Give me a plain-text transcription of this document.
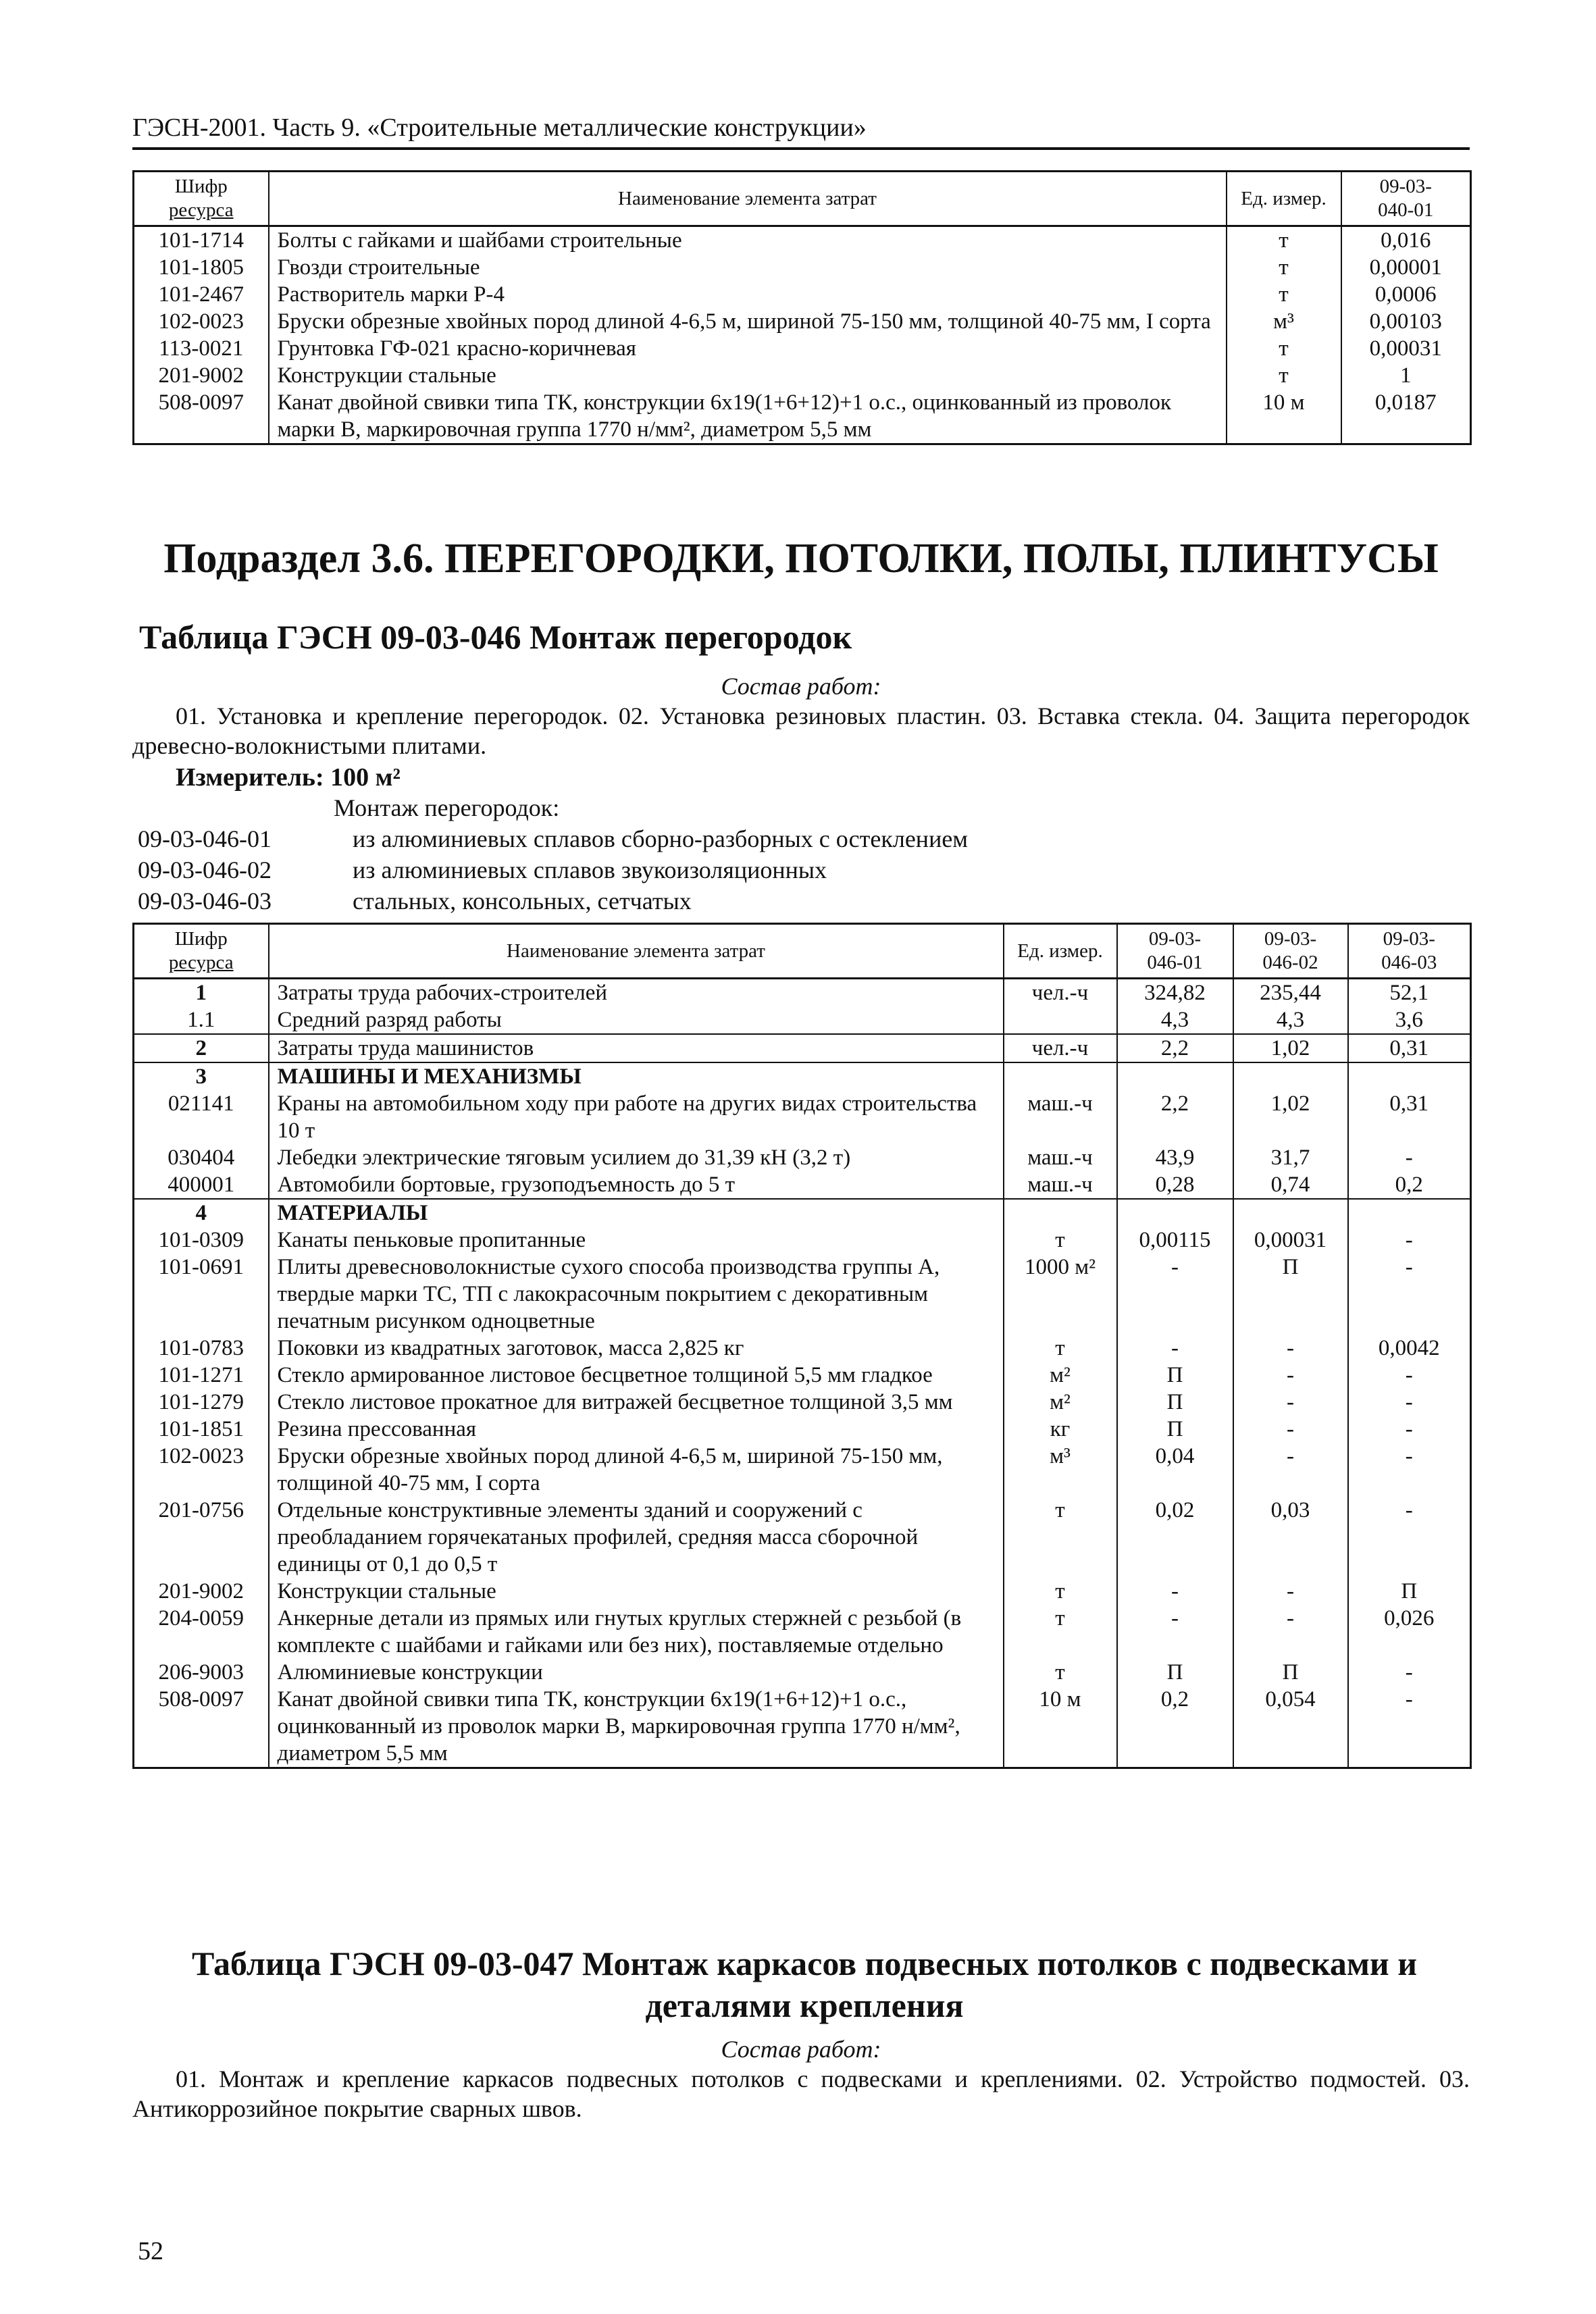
ГЭСН-2001. Часть 9. «Строительные металлические конструкции»
Шифр
ресурса	Наименование элемента затрат	Ед. измер.	09-03-
040-01
101-1714	Болты с гайками и шайбами строительные	т	0,016
101-1805	Гвозди строительные	т	0,00001
101-2467	Растворитель марки Р-4	т	0,0006
102-0023	Бруски обрезные хвойных пород длиной 4-6,5 м, шириной 75-150 мм, толщиной 40-75 мм, I сорта	м³	0,00103
113-0021	Грунтовка ГФ-021 красно-коричневая	т	0,00031
201-9002	Конструкции стальные	т	1
508-0097	Канат двойной свивки типа ТК, конструкции 6х19(1+6+12)+1 о.с., оцинкованный из проволок марки В, маркировочная группа 1770 н/мм², диаметром 5,5 мм	10 м	0,0187
Подраздел 3.6. ПЕРЕГОРОДКИ, ПОТОЛКИ, ПОЛЫ, ПЛИНТУСЫ
Таблица ГЭСН 09-03-046 Монтаж перегородок
Состав работ:
01. Установка и крепление перегородок. 02. Установка резиновых пластин. 03. Вставка стекла. 04. Защита перегородок древесно-волокнистыми плитами.
Измеритель: 100 м²
Монтаж перегородок:
09-03-046-01	из алюминиевых сплавов сборно-разборных с остеклением
09-03-046-02	из алюминиевых сплавов звукоизоляционных
09-03-046-03	стальных, консольных, сетчатых
Шифр
ресурса	Наименование элемента затрат	Ед. измер.	09-03-
046-01	09-03-
046-02	09-03-
046-03
1	Затраты труда рабочих-строителей	чел.-ч	324,82	235,44	52,1
1.1	Средний разряд работы		4,3	4,3	3,6
2	Затраты труда машинистов	чел.-ч	2,2	1,02	0,31
3	МАШИНЫ И МЕХАНИЗМЫ				
021141	Краны на автомобильном ходу при работе на других видах строительства 10 т	маш.-ч	2,2	1,02	0,31
030404	Лебедки электрические тяговым усилием до 31,39 кН (3,2 т)	маш.-ч	43,9	31,7	-
400001	Автомобили бортовые, грузоподъемность до 5 т	маш.-ч	0,28	0,74	0,2
4	МАТЕРИАЛЫ				
101-0309	Канаты пеньковые пропитанные	т	0,00115	0,00031	-
101-0691	Плиты древесноволокнистые сухого способа производства группы А, твердые марки ТС, ТП с лакокрасочным покрытием с декоративным печатным рисунком одноцветные	1000 м²	-	П	-
101-0783	Поковки из квадратных заготовок, масса 2,825 кг	т	-	-	0,0042
101-1271	Стекло армированное листовое бесцветное толщиной 5,5 мм гладкое	м²	П	-	-
101-1279	Стекло листовое прокатное для витражей бесцветное толщиной 3,5 мм	м²	П	-	-
101-1851	Резина прессованная	кг	П	-	-
102-0023	Бруски обрезные хвойных пород длиной 4-6,5 м, шириной 75-150 мм, толщиной 40-75 мм, I сорта	м³	0,04	-	-
201-0756	Отдельные конструктивные элементы зданий и сооружений с преобладанием горячекатаных профилей, средняя масса сборочной единицы от 0,1 до 0,5 т	т	0,02	0,03	-
201-9002	Конструкции стальные	т	-	-	П
204-0059	Анкерные детали из прямых или гнутых круглых стержней с резьбой (в комплекте с шайбами и гайками или без них), поставляемые отдельно	т	-	-	0,026
206-9003	Алюминиевые конструкции	т	П	П	-
508-0097	Канат двойной свивки типа ТК, конструкции 6х19(1+6+12)+1 о.с., оцинкованный из проволок марки В, маркировочная группа 1770 н/мм², диаметром 5,5 мм	10 м	0,2	0,054	-
Таблица ГЭСН 09-03-047 Монтаж каркасов подвесных потолков с подвесками и деталями крепления
Состав работ:
01. Монтаж и крепление каркасов подвесных потолков с подвесками и креплениями. 02. Устройство подмостей. 03. Антикоррозийное покрытие сварных швов.
52
